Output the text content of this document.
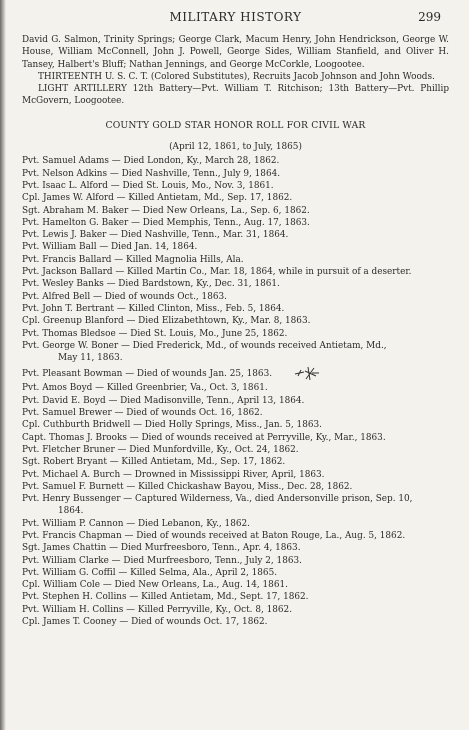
MILITARY HISTORY	299

David G. Salmon, Trinity Springs; George Clark, Macum Henry, John Hendrickson, George W. House, William McConnell, John J. Powell, George Sides, William Stanfield, and Oliver H. Tansey, Halbert's Bluff; Nathan Jennings, and George McCorkle, Loogootee.

THIRTEENTH U. S. C. T. (Colored Substitutes), Recruits Jacob Johnson and John Woods.

LIGHT ARTILLERY 12th Battery—Pvt. William T. Ritchison; 13th Battery—Pvt. Phillip McGovern, Loogootee.

COUNTY GOLD STAR HONOR ROLL FOR CIVIL WAR
(April 12, 1861, to July, 1865)
Pvt. Samuel Adams — Died London, Ky., March 28, 1862.
Pvt. Nelson Adkins — Died Nashville, Tenn., July 9, 1864.
Pvt. Isaac L. Alford — Died St. Louis, Mo., Nov. 3, 1861.
Cpl. James W. Alford — Killed Antietam, Md., Sep. 17, 1862.
Sgt. Abraham M. Baker — Died New Orleans, La., Sep. 6, 1862.
Pvt. Hamelton G. Baker — Died Memphis, Tenn., Aug. 17, 1863.
Pvt. Lewis J. Baker — Died Nashville, Tenn., Mar. 31, 1864.
Pvt. William Ball — Died Jan. 14, 1864.
Pvt. Francis Ballard — Killed Magnolia Hills, Ala.
Pvt. Jackson Ballard — Killed Martin Co., Mar. 18, 1864, while in pursuit of a deserter.
Pvt. Wesley Banks — Died Bardstown, Ky., Dec. 31, 1861.
Pvt. Alfred Bell — Died of wounds Oct., 1863.
Pvt. John T. Bertrant — Killed Clinton, Miss., Feb. 5, 1864.
Cpl. Greenup Blanford — Died Elizabethtown, Ky., Mar. 8, 1863.
Pvt. Thomas Bledsoe — Died St. Louis, Mo., June 25, 1862.
Pvt. George W. Boner — Died Frederick, Md., of wounds received Antietam, Md.,
May 11, 1863.
Pvt. Pleasant Bowman — Died of wounds Jan. 25, 1863.
Pvt. Amos Boyd — Killed Greenbrier, Va., Oct. 3, 1861.
Pvt. David E. Boyd — Died Madisonville, Tenn., April 13, 1864.
Pvt. Samuel Brewer — Died of wounds Oct. 16, 1862.
Cpl. Cuthburth Bridwell — Died Holly Springs, Miss., Jan. 5, 1863.
Capt. Thomas J. Brooks — Died of wounds received at Perryville, Ky., Mar., 1863.
Pvt. Fletcher Bruner — Died Munfordville, Ky., Oct. 24, 1862.
Sgt. Robert Bryant — Killed Antietam, Md., Sep. 17, 1862.
Pvt. Michael A. Burch — Drowned in Mississippi River, April, 1863.
Pvt. Samuel F. Burnett — Killed Chickashaw Bayou, Miss., Dec. 28, 1862.
Pvt. Henry Bussenger — Captured Wilderness, Va., died Andersonville prison, Sep. 10,
1864.
Pvt. William P. Cannon — Died Lebanon, Ky., 1862.
Pvt. Francis Chapman — Died of wounds received at Baton Rouge, La., Aug. 5, 1862.
Sgt. James Chattin — Died Murfreesboro, Tenn., Apr. 4, 1863.
Pvt. William Clarke — Died Murfreesboro, Tenn., July 2, 1863.
Pvt. William G. Coffil — Killed Selma, Ala., April 2, 1865.
Cpl. William Cole — Died New Orleans, La., Aug. 14, 1861.
Pvt. Stephen H. Collins — Killed Antietam, Md., Sept. 17, 1862.
Pvt. William H. Collins — Killed Perryville, Ky., Oct. 8, 1862.
Cpl. James T. Cooney — Died of wounds Oct. 17, 1862.
